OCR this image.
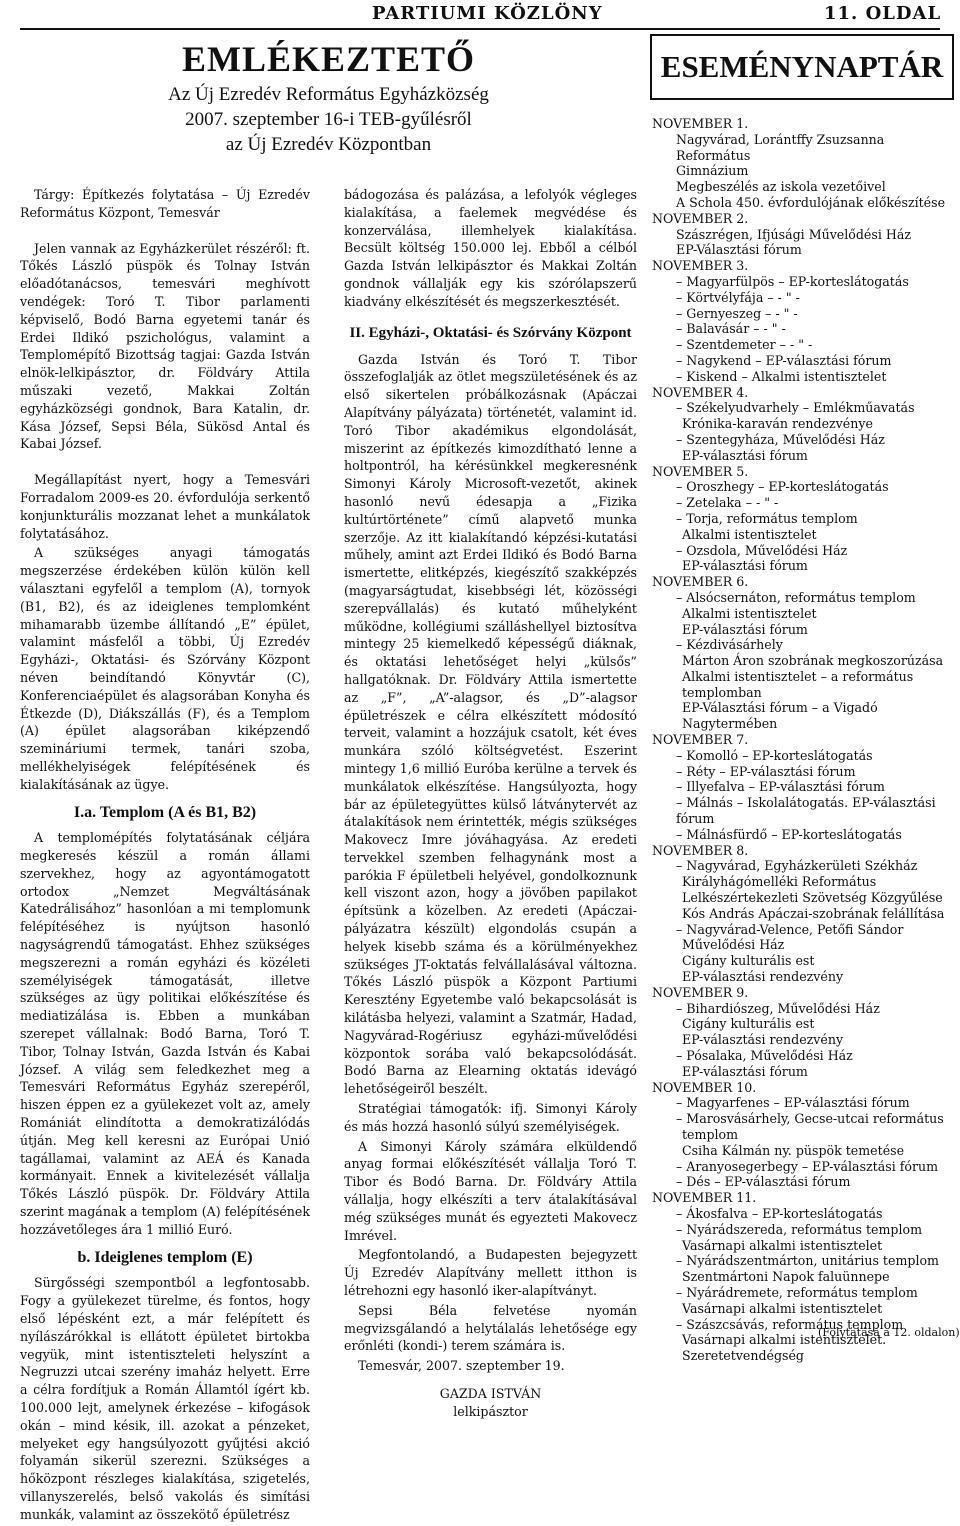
PARTIUMI KÖZLÖNY	11. OLDAL
EMLÉKEZTETŐ
Az Új Ezredév Református Egyházközség
2007. szeptember 16-i TEB-gyűlésről
az Új Ezredév Központban

Tárgy: Építkezés folytatása – Új Ezredév Református Központ, Temesvár

Jelen vannak az Egyházkerület részéről: ft. Tőkés László püspök és Tolnay István előadótanácsos, temesvári meghívott vendégek: Toró T. Tibor parlamenti képviselő, Bodó Barna egyetemi tanár és Erdei Ildikó pszichológus, valamint a Templomépítő Bizottság tagjai: Gazda István elnök-lelkipásztor, dr. Földváry Attila műszaki vezető, Makkai Zoltán egyházközségi gondnok, Bara Katalin, dr. Kása József, Sepsi Béla, Sükösd Antal és Kabai József.

Megállapítást nyert, hogy a Temesvári Forradalom 2009-es 20. évfordulója serkentő konjunkturális mozzanat lehet a munkálatok folytatásához.

A szükséges anyagi támogatás megszerzése érdekében külön külön kell választani egyfelől a templom (A), tornyok (B1, B2), és az ideiglenes templomként mihamarabb üzembe állítandó „E” épület, valamint másfelől a többi, Új Ezredév Egyházi-, Oktatási- és Szórvány Központ néven beindítandó Könyvtár (C), Konferenciaépület és alagsorában Konyha és Étkezde (D), Diákszállás (F), és a Templom (A) épület alagsorában kiképzendő szemináriumi termek, tanári szoba, mellékhelyiségek felépítésének és kialakításának az ügye.

I.a. Templom (A és B1, B2)

A templomépítés folytatásának céljára megkeresés készül a román állami szervekhez, hogy az agyontámogatott ortodox „Nemzet Megváltásának Katedrálisához” hasonlóan a mi templomunk felépítéséhez is nyújtson hasonló nagyságrendű támogatást. Ehhez szükséges megszerezni a román egyházi és közéleti személyiségek támogatását, illetve szükséges az ügy politikai előkészítése és mediatizálása is. Ebben a munkában szerepet vállalnak: Bodó Barna, Toró T. Tibor, Tolnay István, Gazda István és Kabai József. A világ sem feledkezhet meg a Temesvári Református Egyház szerepéről, hiszen éppen ez a gyülekezet volt az, amely Romániát elindította a demokratizálódás útján. Meg kell keresni az Európai Unió tagállamai, valamint az AEÁ és Kanada kormányait. Ennek a kivitelezését vállalja Tőkés László püspök. Dr. Földváry Attila szerint magának a templom (A) felépítésének hozzávetőleges ára 1 millió Euró.

b. Ideiglenes templom (E)

Sürgősségi szempontból a legfontosabb. Fogy a gyülekezet türelme, és fontos, hogy első lépésként ezt, a már felépített és nyílászárókkal is ellátott épületet birtokba vegyük, mint istentiszteleti helyszínt a Negruzzi utcai szerény imaház helyett. Erre a célra fordítjuk a Román Államtól ígért kb. 100.000 lejt, amelynek érkezése – kifogások okán – mind késik, ill. azokat a pénzeket, melyeket egy hangsúlyozott gyűjtési akció folyamán sikerül szerezni. Szükséges a hőközpont részleges kialakítása, szigetelés, villanyszerelés, belső vakolás és simítási munkák, valamint az összekötő épületrész

bádogozása és palázása, a lefolyók végleges kialakítása, a faelemek megvédése és konzerválása, illemhelyek kialakítása. Becsült költség 150.000 lej. Ebből a célból Gazda István lelkipásztor és Makkai Zoltán gondnok vállalják egy kis szórólapszerű kiadvány elkészítését és megszerkesztését.

II. Egyházi-, Oktatási- és Szórvány Központ

Gazda István és Toró T. Tibor összefoglalják az ötlet megszületésének és az első sikertelen próbálkozásnak (Apáczai Alapítvány pályázata) történetét, valamint id. Toró Tibor akadémikus elgondolását, miszerint az építkezés kimozdítható lenne a holtpontról, ha kérésünkkel megkeresnénk Simonyi Károly Microsoft-vezetőt, akinek hasonló nevű édesapja a „Fizika kultúrtörténete” című alapvető munka szerzője. Az itt kialakítandó képzési-kutatási műhely, amint azt Erdei Ildikó és Bodó Barna ismertette, elitképzés, kiegészítő szakképzés (magyarságtudat, kisebbségi lét, közösségi szerepvállalás) és kutató műhelyként működne, kollégiumi szálláshellyel biztosítva mintegy 25 kiemelkedő képességű diáknak, és oktatási lehetőséget helyi „külsős” hallgatóknak. Dr. Földváry Attila ismertette az „F”, „A”-alagsor, és „D”-alagsor épületrészek e célra elkészített módosító terveit, valamint a hozzájuk csatolt, két éves munkára szóló költségvetést. Eszerint mintegy 1,6 millió Euróba kerülne a tervek és munkálatok elkészítése. Hangsúlyozta, hogy bár az épületegyüttes külső látványtervét az átalakítások nem érintették, mégis szükséges Makovecz Imre jóváhagyása. Az eredeti tervekkel szemben felhagynánk most a parókia F épületbeli helyével, gondolkoznunk kell viszont azon, hogy a jövőben papilakot építsünk a közelben. Az eredeti (Apáczai-pályázatra készült) elgondolás csupán a helyek kisebb száma és a körülményekhez szükséges JT-oktatás felvállalásával változna. Tőkés László püspök a Központ Partiumi Keresztény Egyetembe való bekapcsolását is kilátásba helyezi, valamint a Szatmár, Hadad, Nagyvárad-Rogériusz egyházi-művelődési központok sorába való bekapcsolódását. Bodó Barna az Elearning oktatás idevágó lehetőségeiről beszélt.

Stratégiai támogatók: ifj. Simonyi Károly és más hozzá hasonló súlyú személyiségek.

A Simonyi Károly számára elküldendő anyag formai előkészítését vállalja Toró T. Tibor és Bodó Barna. Dr. Földváry Attila vállalja, hogy elkészíti a terv átalakításával még szükséges munát és egyezteti Makovecz Imrével.

Megfontolandó, a Budapesten bejegyzett Új Ezredév Alapítvány mellett itthon is létrehozni egy hasonló iker-alapítványt.

Sepsi Béla felvetése nyomán megvizsgálandó a helytálalás lehetősége egy erőnléti (kondi-) terem számára is.

Temesvár, 2007. szeptember 19.

GAZDA ISTVÁN
lelkipásztor
ESEMÉNYNAPTÁR
NOVEMBER 1.
Nagyvárad, Lorántffy Zsuzsanna Református
Gimnázium
Megbeszélés az iskola vezetőivel
A Schola 450. évfordulójának előkészítése
NOVEMBER 2.
Szászrégen, Ifjúsági Művelődési Ház
EP-Választási fórum
NOVEMBER 3.
– Magyarfülpös – EP-korteslátogatás
– Körtvélyfája – - " -
– Gernyeszeg – - " -
– Balavásár – - " -
– Szentdemeter – - " -
– Nagykend – EP-választási fórum
– Kiskend – Alkalmi istentisztelet
NOVEMBER 4.
– Székelyudvarhely – Emlékműavatás
Krónika-karaván rendezvénye
– Szentegyháza, Művelődési Ház
EP-választási fórum
NOVEMBER 5.
– Oroszhegy – EP-korteslátogatás
– Zetelaka – - " -
– Torja, református templom
Alkalmi istentisztelet
– Ozsdola, Művelődési Ház
EP-választási fórum
NOVEMBER 6.
– Alsócsernáton, református templom
Alkalmi istentisztelet
EP-választási fórum
– Kézdivásárhely
Márton Áron szobrának megkoszorúzása
Alkalmi istentisztelet – a református
templomban
EP-Választási fórum – a Vigadó
Nagytermében
NOVEMBER 7.
– Komolló – EP-korteslátogatás
– Réty – EP-választási fórum
– Illyefalva – EP-választási fórum
– Málnás – Iskolalátogatás. EP-választási fórum
– Málnásfürdő – EP-korteslátogatás
NOVEMBER 8.
– Nagyvárad, Egyházkerületi Székház
Királyhágómelléki Református
Lelkészértekezleti Szövetség Közgyűlése
Kós András Apáczai-szobrának felállítása
– Nagyvárad-Velence, Petőfi Sándor
Művelődési Ház
Cigány kulturális est
EP-választási rendezvény
NOVEMBER 9.
– Bihardiószeg, Művelődési Ház
Cigány kulturális est
EP-választási rendezvény
– Pósalaka, Művelődési Ház
EP-választási fórum
NOVEMBER 10.
– Magyarfenes – EP-választási fórum
– Marosvásárhely, Gecse-utcai református
templom
Csiha Kálmán ny. püspök temetése
– Aranyosegerbegy – EP-választási fórum
– Dés – EP-választási fórum
NOVEMBER 11.
– Ákosfalva – EP-korteslátogatás
– Nyárádszereda, református templom
Vasárnapi alkalmi istentisztelet
– Nyárádszentmárton, unitárius templom
Szentmártoni Napok faluünnepe
– Nyárádremete, református templom
Vasárnapi alkalmi istentisztelet
– Szászcsávás, református templom
Vasárnapi alkalmi istentisztelet.
Szeretetvendégség
(Folytatása a 12. oldalon)
